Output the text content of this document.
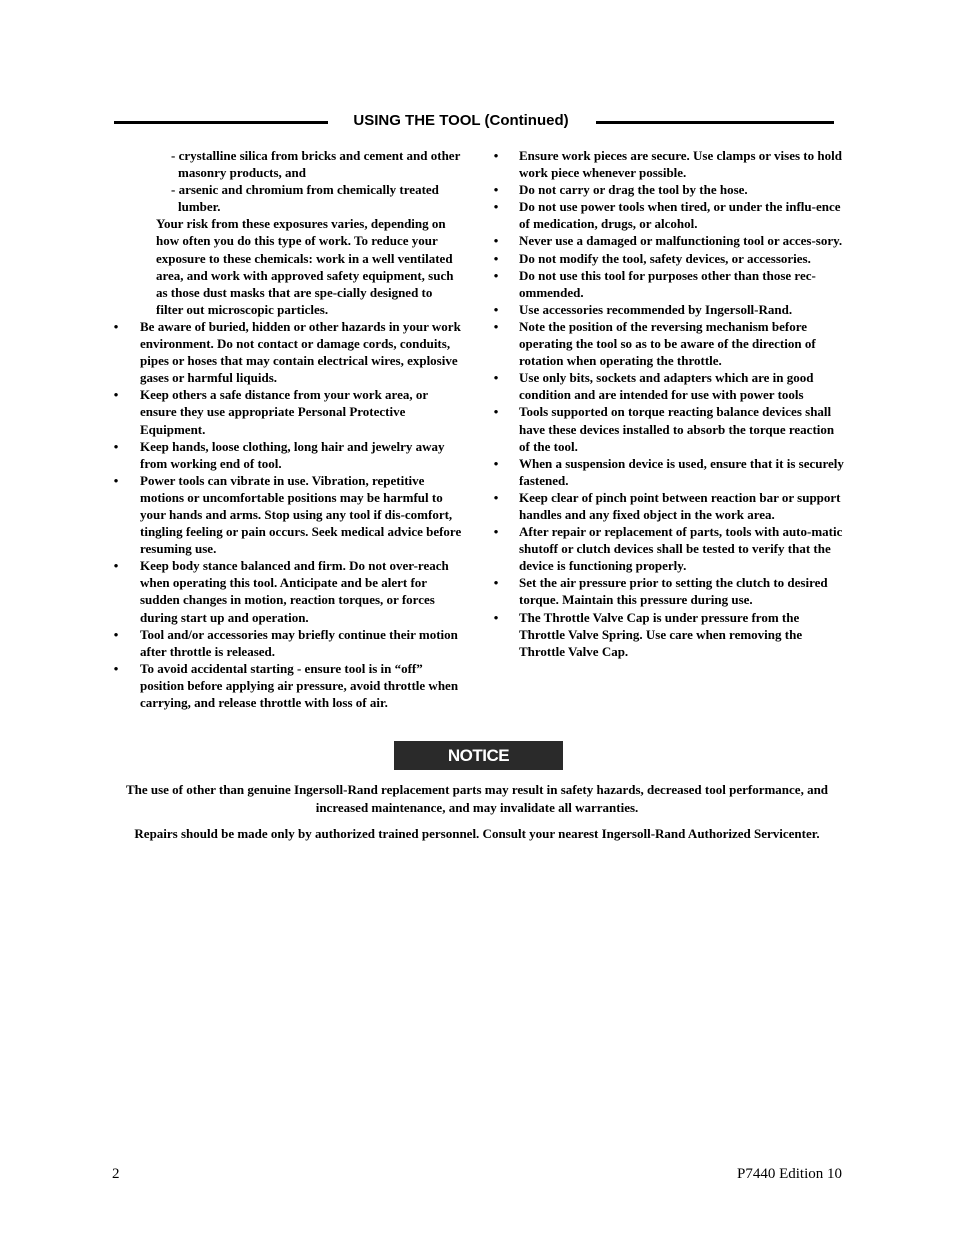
USING THE TOOL (Continued)
- crystalline silica from bricks and cement and other masonry products, and
- arsenic and chromium from chemically treated lumber.
Your risk from these exposures varies, depending on how often you do this type of work. To reduce your exposure to these chemicals: work in a well ventilated area, and work with approved safety equipment, such as those dust masks that are spe-cially designed to filter out microscopic particles.
• Be aware of buried, hidden or other hazards in your work environment. Do not contact or damage cords, conduits, pipes or hoses that may contain electrical wires, explosive gases or harmful liquids.
• Keep others a safe distance from your work area, or ensure they use appropriate Personal Protective Equipment.
• Keep hands, loose clothing, long hair and jewelry away from working end of tool.
• Power tools can vibrate in use. Vibration, repetitive motions or uncomfortable positions may be harmful to your hands and arms. Stop using any tool if dis-comfort, tingling feeling or pain occurs. Seek medical advice before resuming use.
• Keep body stance balanced and firm. Do not over-reach when operating this tool. Anticipate and be alert for sudden changes in motion, reaction torques, or forces during start up and operation.
• Tool and/or accessories may briefly continue their motion after throttle is released.
• To avoid accidental starting - ensure tool is in “off” position before applying air pressure, avoid throttle when carrying, and release throttle with loss of air.
• Ensure work pieces are secure. Use clamps or vises to hold work piece whenever possible.
• Do not carry or drag the tool by the hose.
• Do not use power tools when tired, or under the influ-ence of medication, drugs, or alcohol.
• Never use a damaged or malfunctioning tool or acces-sory.
• Do not modify the tool, safety devices, or accessories.
• Do not use this tool for purposes other than those rec-ommended.
• Use accessories recommended by Ingersoll-Rand.
• Note the position of the reversing mechanism before operating the tool so as to be aware of the direction of rotation when operating the throttle.
• Use only bits, sockets and adapters which are in good condition and are intended for use with power tools
• Tools supported on torque reacting balance devices shall have these devices installed to absorb the torque reaction of the tool.
• When a suspension device is used, ensure that it is securely fastened.
• Keep clear of pinch point between reaction bar or support handles and any fixed object in the work area.
• After repair or replacement of parts, tools with auto-matic shutoff or clutch devices shall be tested to verify that the device is functioning properly.
• Set the air pressure prior to setting the clutch to desired torque. Maintain this pressure during use.
• The Throttle Valve Cap is under pressure from the Throttle Valve Spring. Use care when removing the Throttle Valve Cap.
NOTICE
The use of other than genuine Ingersoll-Rand replacement parts may result in safety hazards, decreased tool performance, and increased maintenance, and may invalidate all warranties.
Repairs should be made only by authorized trained personnel. Consult your nearest Ingersoll-Rand Authorized Servicenter.
2	P7440 Edition 10
